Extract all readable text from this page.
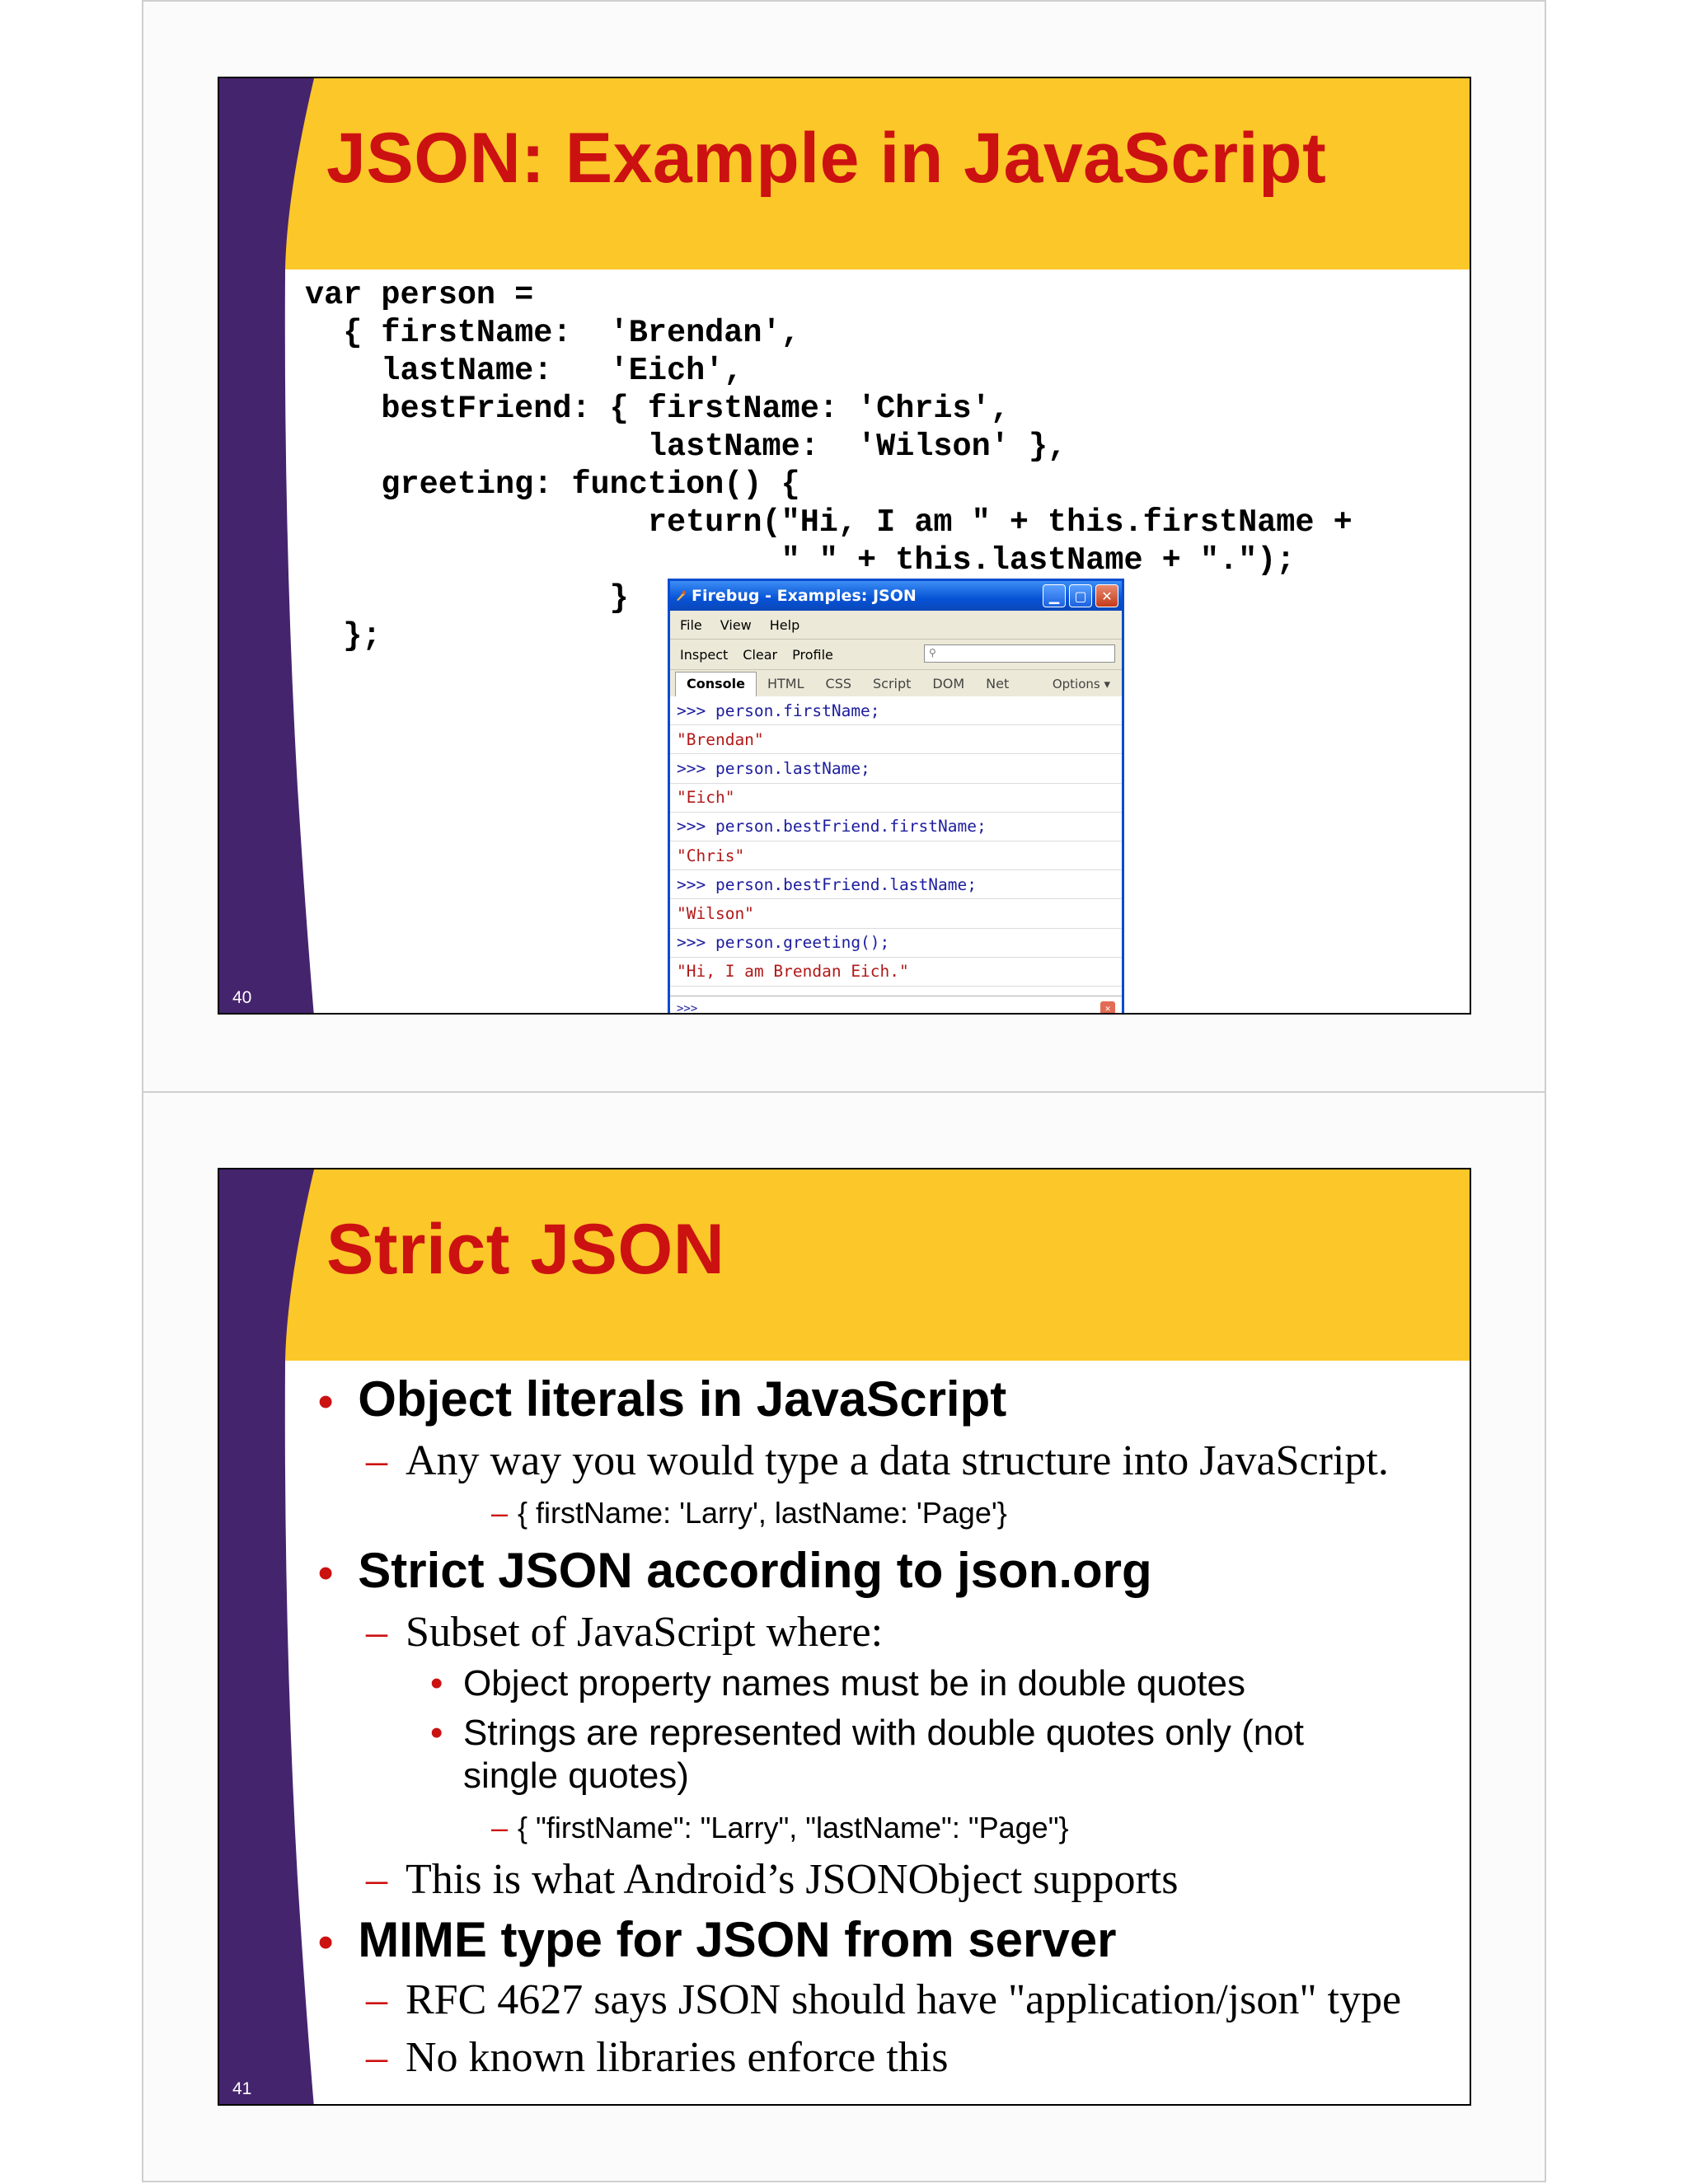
JSON: Example in JavaScript
var person =
{ firstName:  'Brendan',
lastName:   'Eich',
bestFriend: { firstName: 'Chris',
lastName:  'Wilson' },
greeting: function() {
return("Hi, I am " + this.firstName +
" " + this.lastName + ".");
}
};
Firebug - Examples: JSON	▁	▢	✕
File View Help
Inspect Clear Profile	⚲
Console	HTML	CSS	Script	DOM	Net	Options ▾
>>> person.firstName;
"Brendan"
>>> person.lastName;
"Eich"
>>> person.bestFriend.firstName;
"Chris"
>>> person.bestFriend.lastName;
"Wilson"
>>> person.greeting();
"Hi, I am Brendan Eich."
>>>	✕
40
Strict JSON
• Object literals in JavaScript
– Any way you would type a data structure into JavaScript.
– { firstName: 'Larry', lastName: 'Page'}
• Strict JSON according to json.org
– Subset of JavaScript where:
• Object property names must be in double quotes
• Strings are represented with double quotes only (not single quotes)
– { "firstName": "Larry", "lastName": "Page"}
– This is what Android’s JSONObject supports
• MIME type for JSON from server
– RFC 4627 says JSON should have "application/json" type
– No known libraries enforce this
41
